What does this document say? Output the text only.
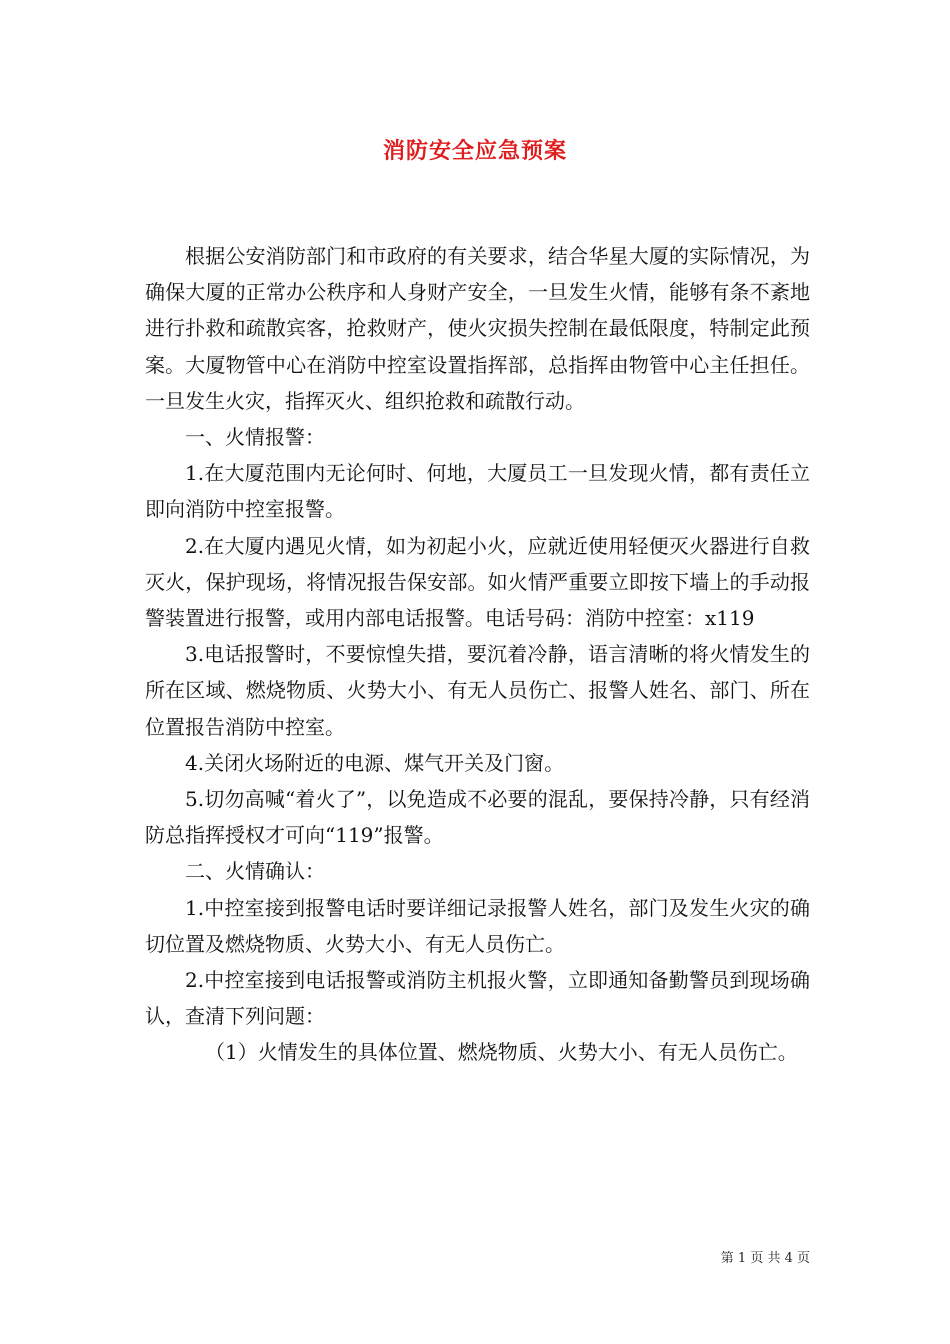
消防安全应急预案

根据公安消防部门和市政府的有关要求，结合华星大厦的实际情况，为确保大厦的正常办公秩序和人身财产安全，一旦发生火情，能够有条不紊地进行扑救和疏散宾客，抢救财产，使火灾损失控制在最低限度，特制定此预案。大厦物管中心在消防中控室设置指挥部，总指挥由物管中心主任担任。一旦发生火灾，指挥灭火、组织抢救和疏散行动。

一、火情报警：

1.在大厦范围内无论何时、何地，大厦员工一旦发现火情，都有责任立即向消防中控室报警。

2.在大厦内遇见火情，如为初起小火，应就近使用轻便灭火器进行自救灭火，保护现场，将情况报告保安部。如火情严重要立即按下墙上的手动报警装置进行报警，或用内部电话报警。电话号码：消防中控室：x119

3.电话报警时，不要惊惶失措，要沉着冷静，语言清晰的将火情发生的所在区域、燃烧物质、火势大小、有无人员伤亡、报警人姓名、部门、所在位置报告消防中控室。

4.关闭火场附近的电源、煤气开关及门窗。

5.切勿高喊“着火了”，以免造成不必要的混乱，要保持冷静，只有经消防总指挥授权才可向“119”报警。

二、火情确认：

1.中控室接到报警电话时要详细记录报警人姓名，部门及发生火灾的确切位置及燃烧物质、火势大小、有无人员伤亡。

2.中控室接到电话报警或消防主机报火警，立即通知备勤警员到现场确认，查清下列问题：

（1）火情发生的具体位置、燃烧物质、火势大小、有无人员伤亡。

第 1 页 共 4 页
